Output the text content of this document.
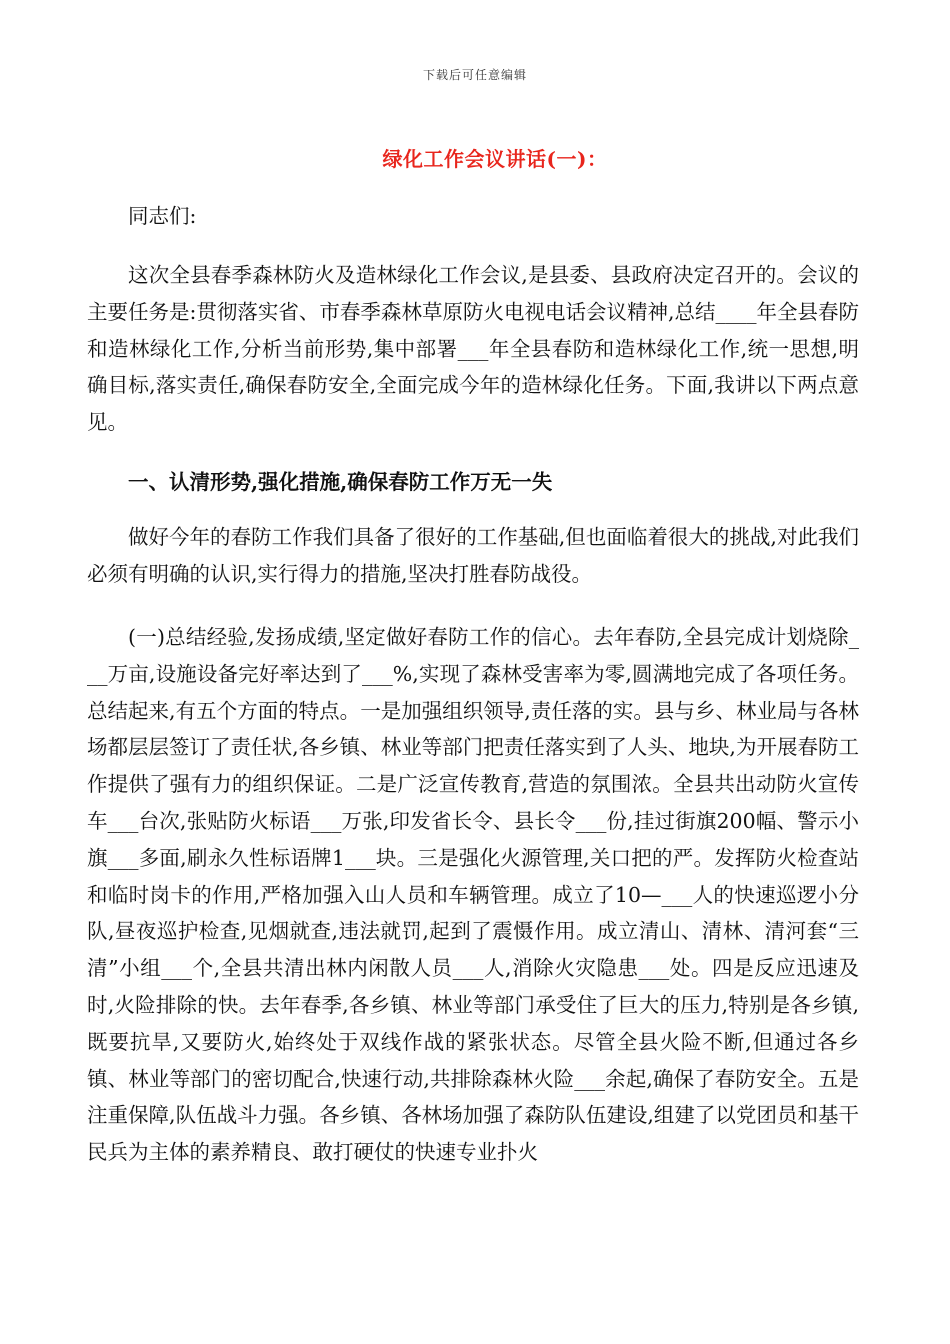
下载后可任意编辑
绿化工作会议讲话(一)：
同志们:

这次全县春季森林防火及造林绿化工作会议,是县委、县政府决定召开的。会议的主要任务是:贯彻落实省、市春季森林草原防火电视电话会议精神,总结____年全县春防和造林绿化工作,分析当前形势,集中部署___年全县春防和造林绿化工作,统一思想,明确目标,落实责任,确保春防安全,全面完成今年的造林绿化任务。下面,我讲以下两点意见。

一、认清形势,强化措施,确保春防工作万无一失

做好今年的春防工作我们具备了很好的工作基础,但也面临着很大的挑战,对此我们必须有明确的认识,实行得力的措施,坚决打胜春防战役。

(一)总结经验,发扬成绩,坚定做好春防工作的信心。去年春防,全县完成计划烧除___万亩,设施设备完好率达到了___%,实现了森林受害率为零,圆满地完成了各项任务。总结起来,有五个方面的特点。一是加强组织领导,责任落的实。县与乡、林业局与各林场都层层签订了责任状,各乡镇、林业等部门把责任落实到了人头、地块,为开展春防工作提供了强有力的组织保证。二是广泛宣传教育,营造的氛围浓。全县共出动防火宣传车___台次,张贴防火标语___万张,印发省长令、县长令___份,挂过街旗200幅、警示小旗___多面,刷永久性标语牌1___块。三是强化火源管理,关口把的严。发挥防火检查站和临时岗卡的作用,严格加强入山人员和车辆管理。成立了10—___人的快速巡逻小分队,昼夜巡护检查,见烟就查,违法就罚,起到了震慑作用。成立清山、清林、清河套“三清”小组___个,全县共清出林内闲散人员___人,消除火灾隐患___处。四是反应迅速及时,火险排除的快。去年春季,各乡镇、林业等部门承受住了巨大的压力,特别是各乡镇,既要抗旱,又要防火,始终处于双线作战的紧张状态。尽管全县火险不断,但通过各乡镇、林业等部门的密切配合,快速行动,共排除森林火险___余起,确保了春防安全。五是注重保障,队伍战斗力强。各乡镇、各林场加强了森防队伍建设,组建了以党团员和基干民兵为主体的素养精良、敢打硬仗的快速专业扑火
